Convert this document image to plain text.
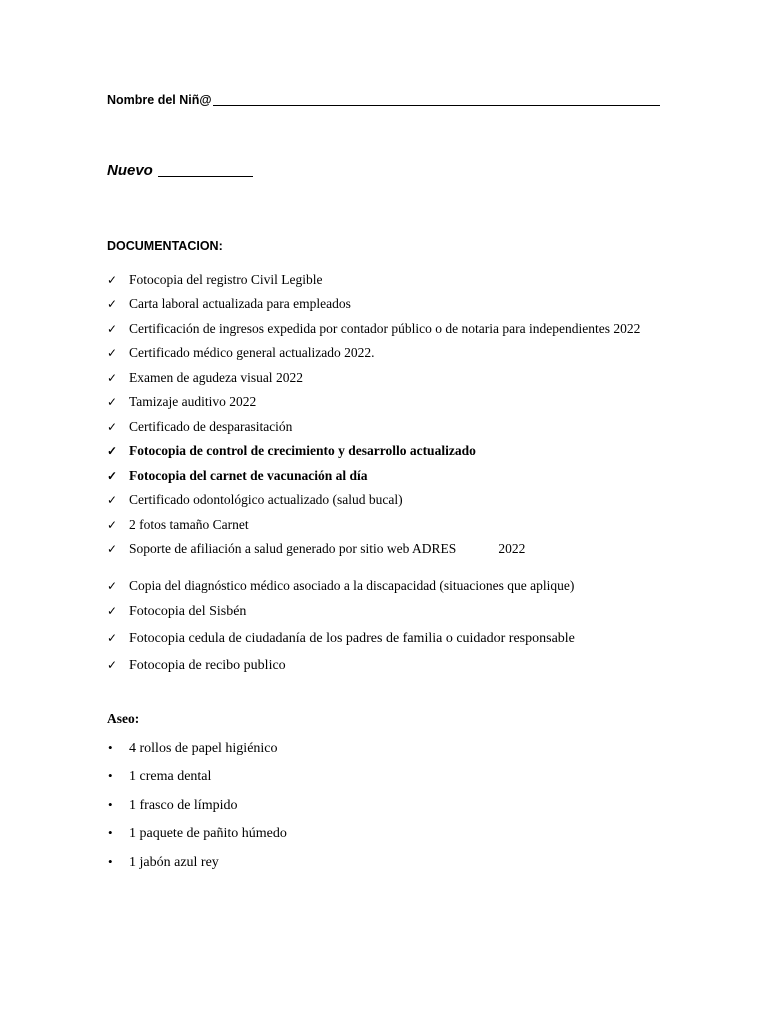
Nombre del Niñ@
Nuevo
DOCUMENTACION:
✓ Fotocopia del registro Civil Legible
✓ Carta laboral actualizada para empleados
✓ Certificación de ingresos expedida por contador público o de notaria para independientes 2022
✓ Certificado médico general actualizado 2022.
✓ Examen de agudeza visual 2022
✓ Tamizaje auditivo 2022
✓ Certificado de desparasitación
✓ Fotocopia de control de crecimiento y desarrollo actualizado
✓ Fotocopia del carnet de vacunación al día
✓ Certificado odontológico actualizado (salud bucal)
✓ 2 fotos tamaño Carnet
✓ Soporte de afiliación a salud generado por sitio web ADRES	2022
✓ Copia del diagnóstico médico asociado a la discapacidad (situaciones que aplique)
✓ Fotocopia del Sisbén
✓ Fotocopia cedula de ciudadanía de los padres de familia o cuidador responsable
✓ Fotocopia de recibo publico
Aseo:
•	4 rollos de papel higiénico
•	1 crema dental
•	1 frasco de límpido
•	1 paquete de pañito húmedo
•	1 jabón azul rey
